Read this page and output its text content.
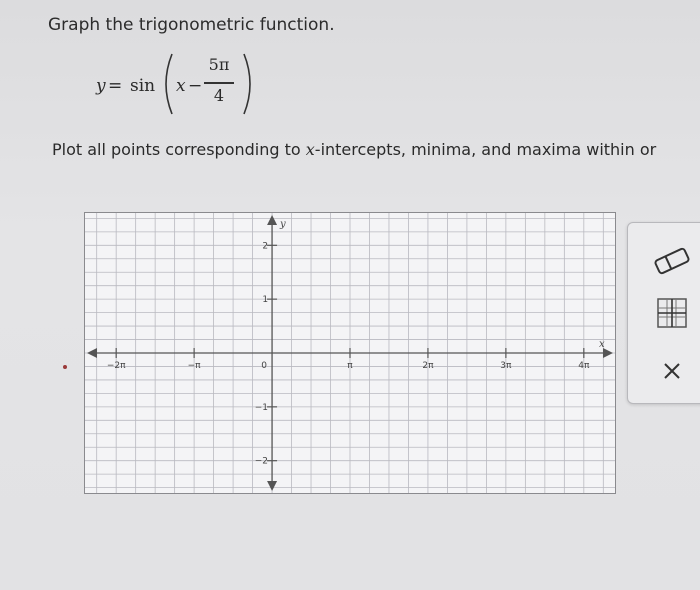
Graph the trigonometric function.
y = sin x −
5π
4
Plot all points corresponding to x-intercepts, minima, and maxima within or
x
y
−2π	−π	0	π	2π	3π	4π
2
1
−1
−2
